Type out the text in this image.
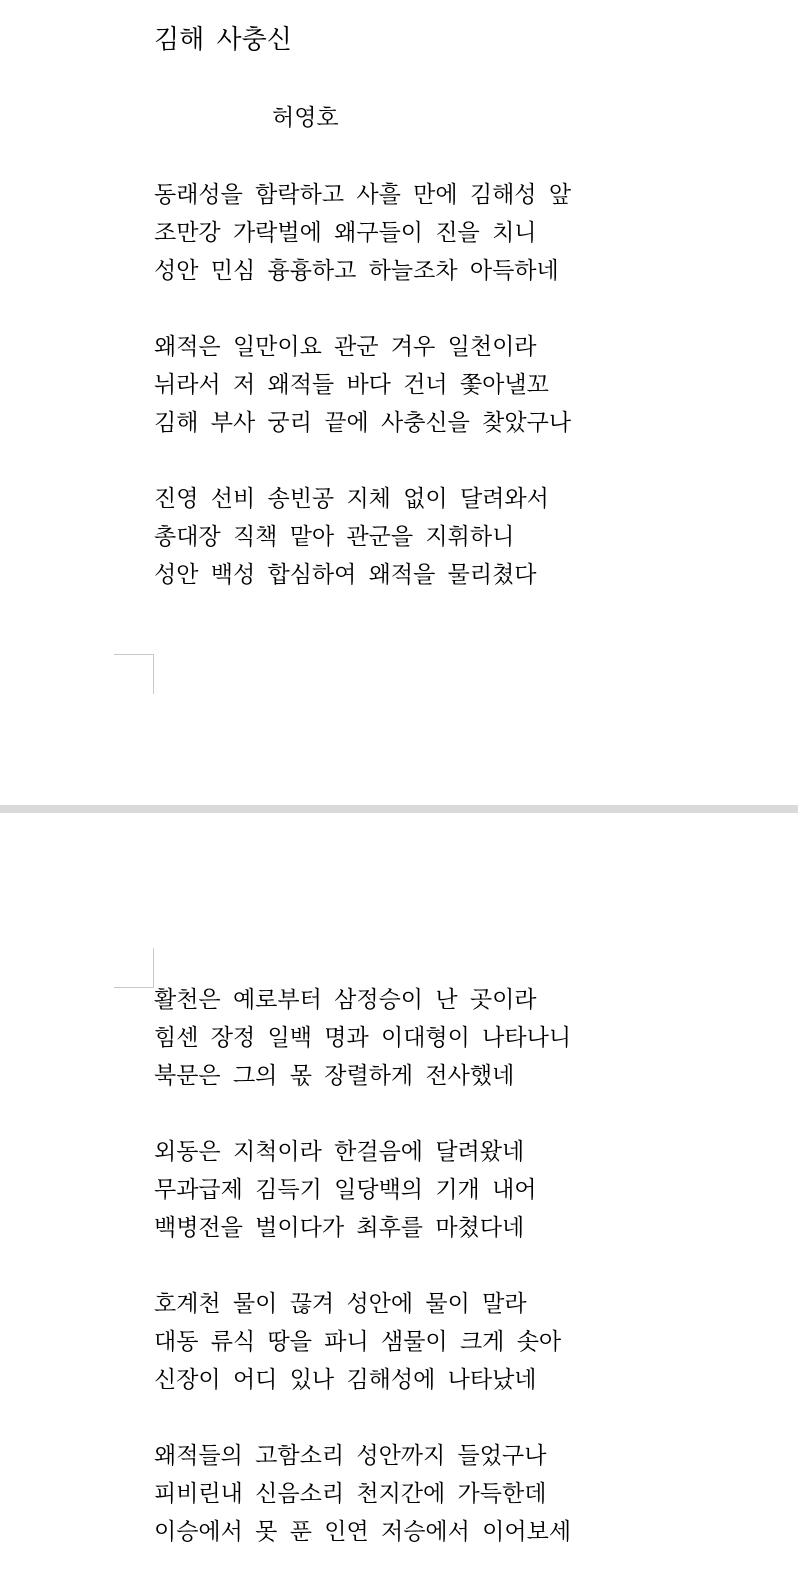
김해 사충신

허영호

동래성을 함락하고 사흘 만에 김해성 앞
조만강 가락벌에 왜구들이 진을 치니
성안 민심 흉흉하고 하늘조차 아득하네
왜적은 일만이요 관군 겨우 일천이라
뉘라서 저 왜적들 바다 건너 쫓아낼꼬
김해 부사 궁리 끝에 사충신을 찾았구나
진영 선비 송빈공 지체 없이 달려와서
총대장 직책 맡아 관군을 지휘하니
성안 백성 합심하여 왜적을 물리쳤다
활천은 예로부터 삼정승이 난 곳이라
힘센 장정 일백 명과 이대형이 나타나니
북문은 그의 몫 장렬하게 전사했네
외동은 지척이라 한걸음에 달려왔네
무과급제 김득기 일당백의 기개 내어
백병전을 벌이다가 최후를 마쳤다네
호계천 물이 끊겨 성안에 물이 말라
대동 류식 땅을 파니 샘물이 크게 솟아
신장이 어디 있나 김해성에 나타났네
왜적들의 고함소리 성안까지 들었구나
피비린내 신음소리 천지간에 가득한데
이승에서 못 푼 인연 저승에서 이어보세
